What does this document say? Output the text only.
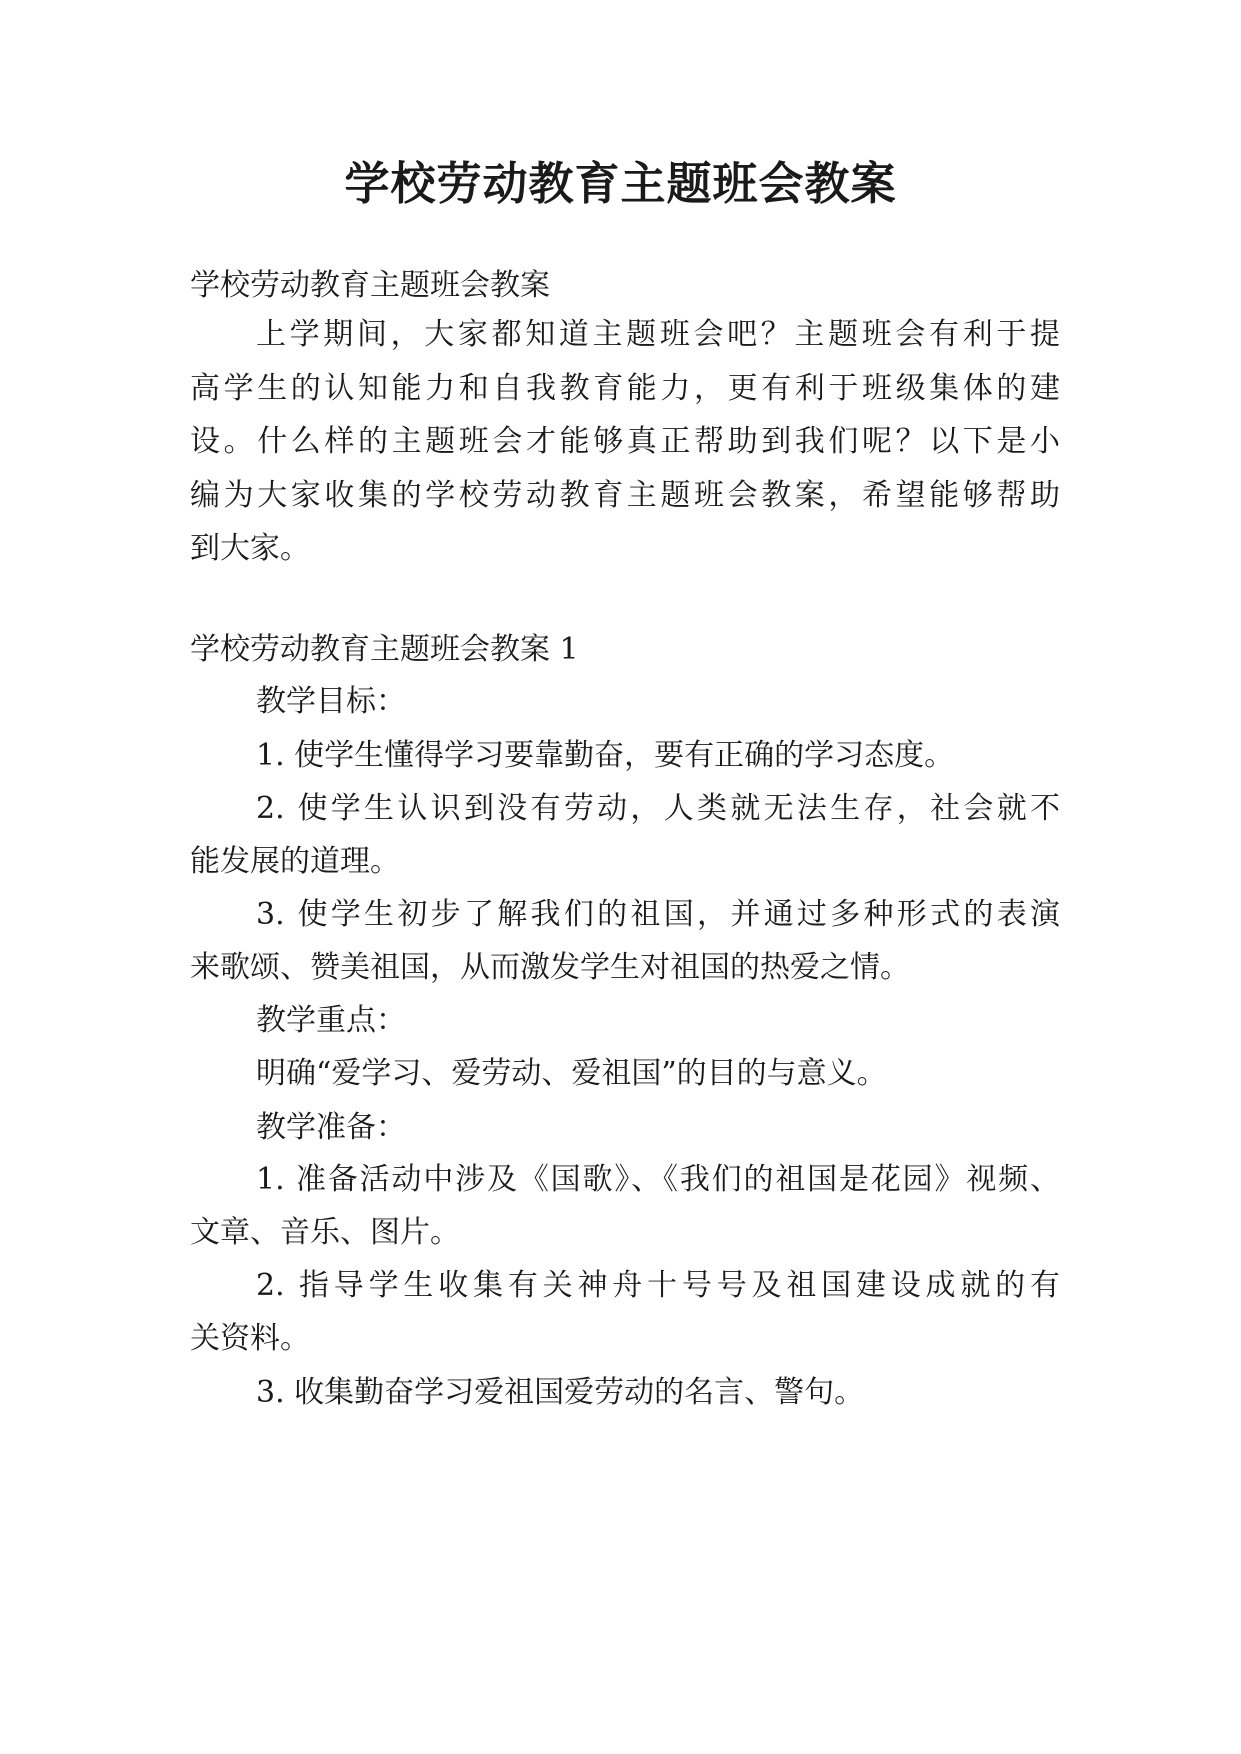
学校劳动教育主题班会教案

学校劳动教育主题班会教案

上学期间，大家都知道主题班会吧？主题班会有利于提

高学生的认知能力和自我教育能力，更有利于班级集体的建

设。什么样的主题班会才能够真正帮助到我们呢？以下是小

编为大家收集的学校劳动教育主题班会教案，希望能够帮助

到大家。

学校劳动教育主题班会教案 1

教学目标：

1. 使学生懂得学习要靠勤奋，要有正确的学习态度。

2. 使学生认识到没有劳动，人类就无法生存，社会就不

能发展的道理。

3. 使学生初步了解我们的祖国，并通过多种形式的表演

来歌颂、赞美祖国，从而激发学生对祖国的热爱之情。

教学重点：

明确“爱学习、爱劳动、爱祖国”的目的与意义。

教学准备：

1. 准备活动中涉及《国歌》、《我们的祖国是花园》视频、

文章、音乐、图片。

2. 指导学生收集有关神舟十号号及祖国建设成就的有

关资料。

3. 收集勤奋学习爱祖国爱劳动的名言、警句。
